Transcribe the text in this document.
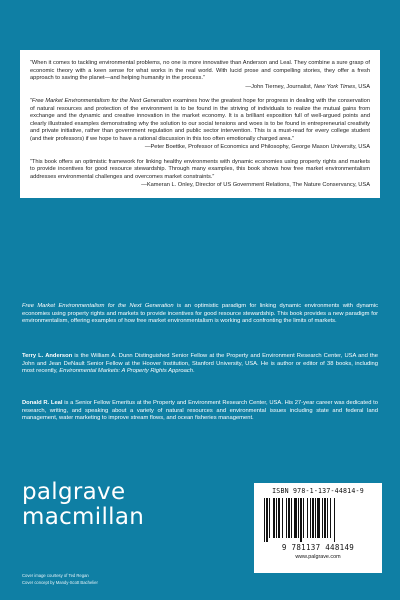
“When it comes to tackling environmental problems, no one is more innovative than Anderson and Leal. They combine a sure grasp of economic theory with a keen sense for what works in the real world. With lucid prose and compelling stories, they offer a fresh approach to saving the planet—and helping humanity in the process.”
—John Tierney, Journalist, New York Times, USA
“Free Market Environmentalism for the Next Generation examines how the greatest hope for progress in dealing with the conservation of natural resources and protection of the environment is to be found in the striving of individuals to realize the mutual gains from exchange and the dynamic and creative innovation in the market economy. It is a brilliant exposition full of well-argued points and clearly illustrated examples demonstrating why the solution to our social tensions and woes is to be found in entrepreneurial creativity and private initiative, rather than government regulation and public sector intervention. This is a must-read for every college student (and their professors) if we hope to have a rational discussion in this too often emotionally charged area.”
—Peter Boettke, Professor of Economics and Philosophy, George Mason University, USA
“This book offers an optimistic framework for linking healthy environments with dynamic economies using property rights and markets to provide incentives for good resource stewardship. Through many examples, this book shows how free market environmentalism addresses environmental challenges and overcomes market constraints.”
—Kameran L. Onley, Director of US Government Relations, The Nature Conservancy, USA
Free Market Environmentalism for the Next Generation is an optimistic paradigm for linking dynamic environments with dynamic economies using property rights and markets to provide incentives for good resource stewardship. This book provides a new paradigm for environmentalism, offering examples of how free market environmentalism is working and confronting the limits of markets.
Terry L. Anderson is the William A. Dunn Distinguished Senior Fellow at the Property and Environment Research Center, USA and the John and Jean DeNault Senior Fellow at the Hoover Institution, Stanford University, USA. He is author or editor of 38 books, including most recently, Environmental Markets: A Property Rights Approach.
Donald R. Leal is a Senior Fellow Emeritus at the Property and Environment Research Center, USA. His 27-year career was dedicated to research, writing, and speaking about a variety of natural resources and environmental issues including state and federal land management, water marketing to improve stream flows, and ocean fisheries management.
palgrave
macmillan
Cover image courtesy of Ted Regan
Cover concept by Mandy-Scott Bachelier
ISBN 978-1-137-44814-9
9 781137 448149
www.palgrave.com
